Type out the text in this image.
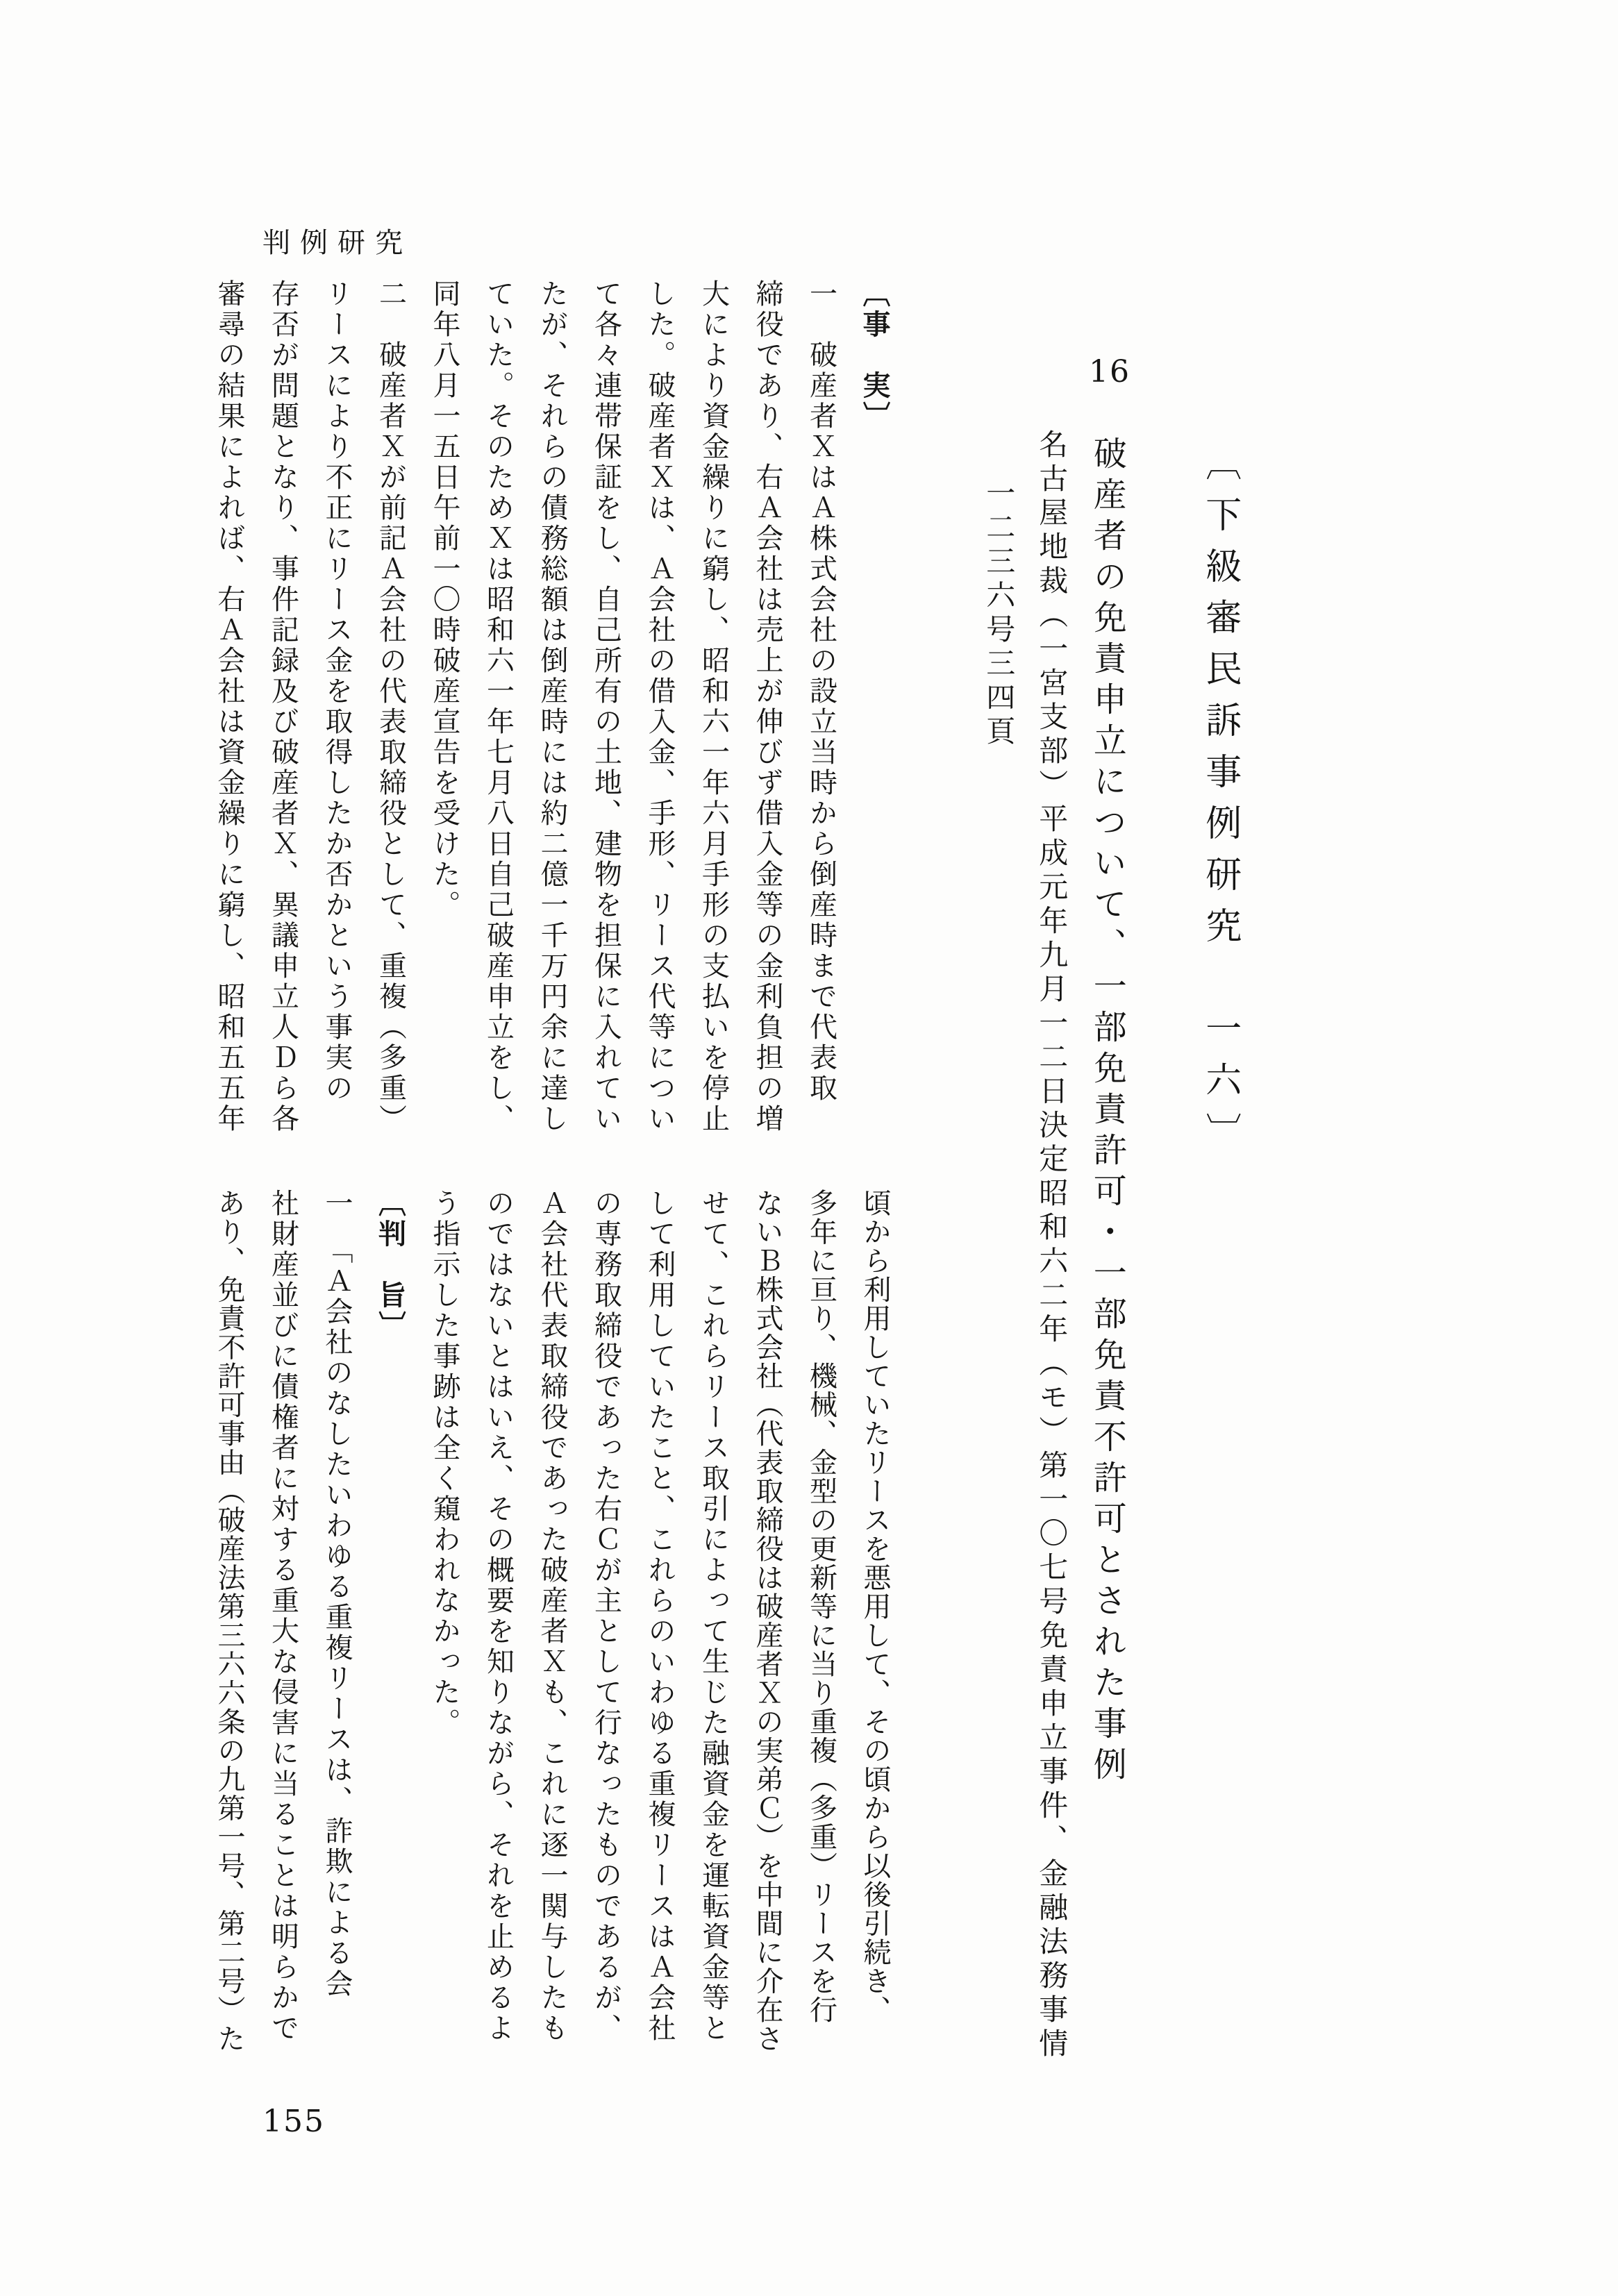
判例研究
〔下級審民訴事例研究　一六〕
16
破産者の免責申立について、一部免責許可・一部免責不許可とされた事例
名古屋地裁（一宮支部）平成元年九月一二日決定昭和六二年（モ）第一〇七号免責申立事件、金融法務事情
一二三六号三四頁

〔事　実〕

一　破産者ＸはＡ株式会社の設立当時から倒産時まで代表取

締役であり、右Ａ会社は売上が伸びず借入金等の金利負担の増

大により資金繰りに窮し、昭和六一年六月手形の支払いを停止

した。破産者Ｘは、Ａ会社の借入金、手形、リース代等につい

て各々連帯保証をし、自己所有の土地、建物を担保に入れてい

たが、それらの債務総額は倒産時には約二億一千万円余に達し

ていた。そのためＸは昭和六一年七月八日自己破産申立をし、

同年八月一五日午前一〇時破産宣告を受けた。

二　破産者Ｘが前記Ａ会社の代表取締役として、重複（多重）

リースにより不正にリース金を取得したか否かという事実の

存否が問題となり、事件記録及び破産者Ｘ、異議申立人Ｄら各

審尋の結果によれば、右Ａ会社は資金繰りに窮し、昭和五五年

頃から利用していたリースを悪用して、その頃から以後引続き、

多年に亘り、機械、金型の更新等に当り重複（多重）リースを行

ないＢ株式会社（代表取締役は破産者Ｘの実弟Ｃ）を中間に介在さ

せて、これらリース取引によって生じた融資金を運転資金等と

して利用していたこと、これらのいわゆる重複リースはＡ会社

の専務取締役であった右Ｃが主として行なったものであるが、

Ａ会社代表取締役であった破産者Ｘも、これに逐一関与したも

のではないとはいえ、その概要を知りながら、それを止めるよ

う指示した事跡は全く窺われなかった。

〔判　旨〕

一　「Ａ会社のなしたいわゆる重複リースは、詐欺による会

社財産並びに債権者に対する重大な侵害に当ることは明らかで

あり、免責不許可事由（破産法第三六六条の九第一号、第二号）た

155
